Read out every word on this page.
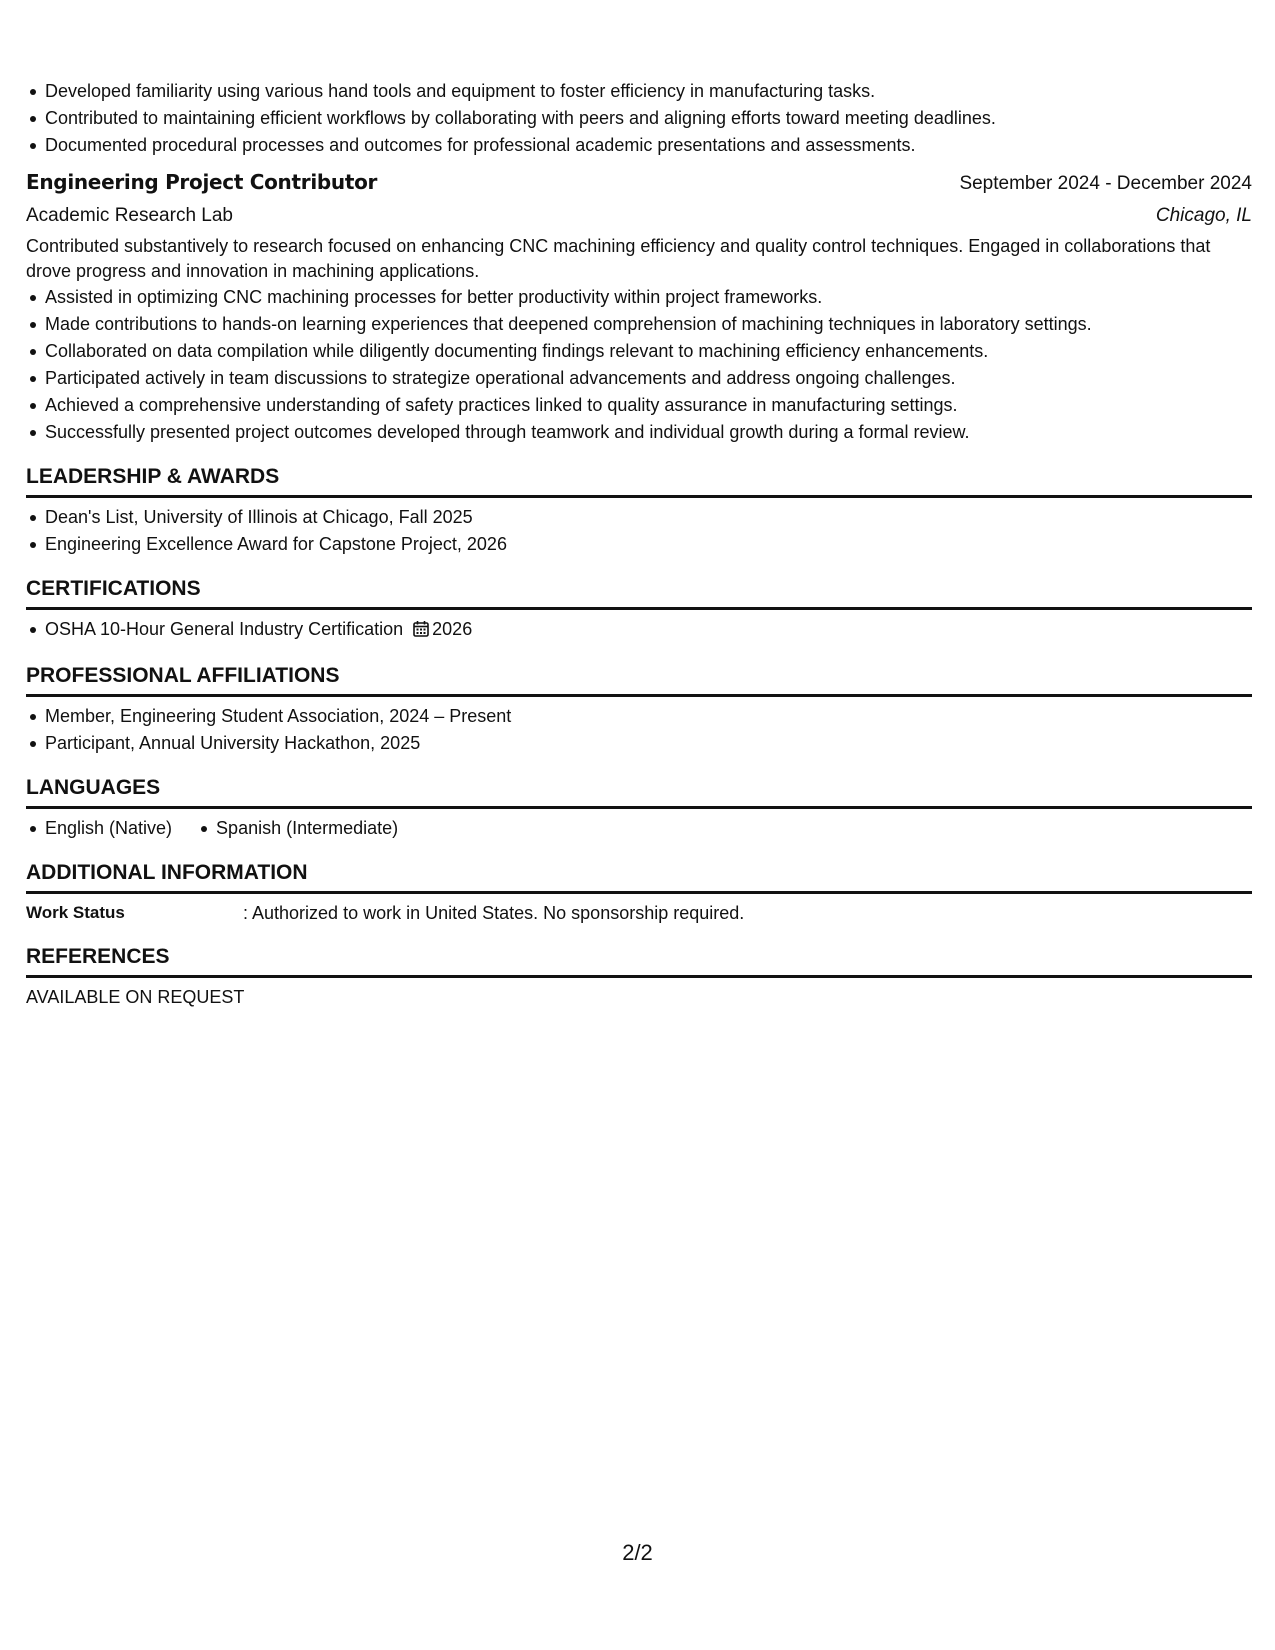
Developed familiarity using various hand tools and equipment to foster efficiency in manufacturing tasks.
Contributed to maintaining efficient workflows by collaborating with peers and aligning efforts toward meeting deadlines.
Documented procedural processes and outcomes for professional academic presentations and assessments.
Engineering Project Contributor	September 2024 - December 2024
Academic Research Lab	Chicago, IL
Contributed substantively to research focused on enhancing CNC machining efficiency and quality control techniques. Engaged in collaborations that drove progress and innovation in machining applications.
Assisted in optimizing CNC machining processes for better productivity within project frameworks.
Made contributions to hands-on learning experiences that deepened comprehension of machining techniques in laboratory settings.
Collaborated on data compilation while diligently documenting findings relevant to machining efficiency enhancements.
Participated actively in team discussions to strategize operational advancements and address ongoing challenges.
Achieved a comprehensive understanding of safety practices linked to quality assurance in manufacturing settings.
Successfully presented project outcomes developed through teamwork and individual growth during a formal review.
LEADERSHIP & AWARDS
Dean's List, University of Illinois at Chicago, Fall 2025
Engineering Excellence Award for Capstone Project, 2026
CERTIFICATIONS
OSHA 10-Hour General Industry Certification 2026
PROFESSIONAL AFFILIATIONS
Member, Engineering Student Association, 2024 – Present
Participant, Annual University Hackathon, 2025
LANGUAGES
English (Native) Spanish (Intermediate)
ADDITIONAL INFORMATION
Work Status	: Authorized to work in United States. No sponsorship required.
REFERENCES
AVAILABLE ON REQUEST
2/2
